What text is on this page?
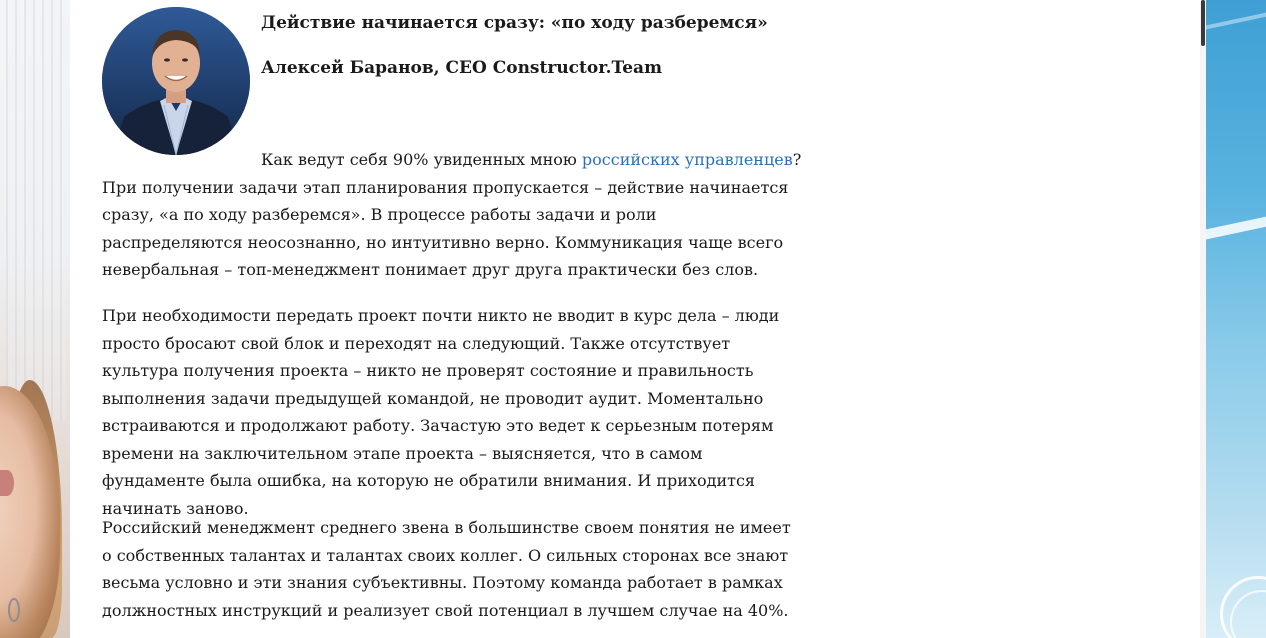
Действие начинается сразу: «по ходу разберемся»

Алексей Баранов, CEO Constructor.Team

Как ведут себя 90% увиденных мною российских управленцев? При получении задачи этап планирования пропускается – действие начинается сразу, «а по ходу разберемся». В процессе работы задачи и роли распределяются неосознанно, но интуитивно верно. Коммуникация чаще всего невербальная – топ-менеджмент понимает друг друга практически без слов.

При необходимости передать проект почти никто не вводит в курс дела – люди просто бросают свой блок и переходят на следующий. Также отсутствует культура получения проекта – никто не проверят состояние и правильность выполнения задачи предыдущей командой, не проводит аудит. Моментально встраиваются и продолжают работу. Зачастую это ведет к серьезным потерям времени на заключительном этапе проекта – выясняется, что в самом фундаменте была ошибка, на которую не обратили внимания. И приходится начинать заново.

Российский менеджмент среднего звена в большинстве своем понятия не имеет о собственных талантах и талантах своих коллег. О сильных сторонах все знают весьма условно и эти знания субъективны. Поэтому команда работает в рамках должностных инструкций и реализует свой потенциал в лучшем случае на 40%.
